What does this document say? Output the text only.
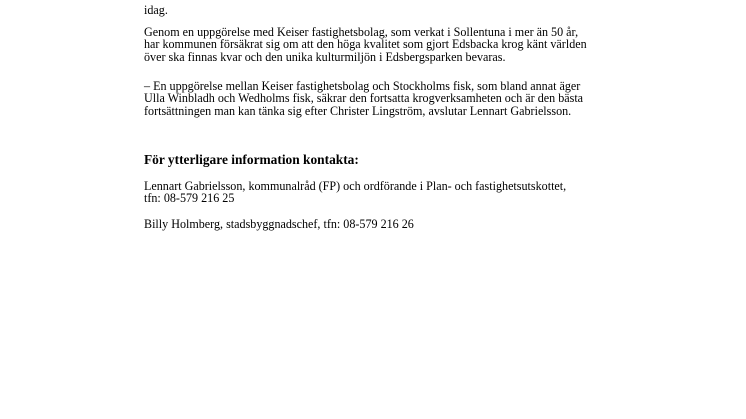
idag.

Genom en uppgörelse med Keiser fastighetsbolag, som verkat i Sollentuna i mer än 50 år,
har kommunen försäkrat sig om att den höga kvalitet som gjort Edsbacka krog känt världen
över ska finnas kvar och den unika kulturmiljön i Edsbergsparken bevaras.

– En uppgörelse mellan Keiser fastighetsbolag och Stockholms fisk, som bland annat äger
Ulla Winbladh och Wedholms fisk, säkrar den fortsatta krogverksamheten och är den bästa
fortsättningen man kan tänka sig efter Christer Lingström, avslutar Lennart Gabrielsson.

För ytterligare information kontakta:

Lennart Gabrielsson, kommunalråd (FP) och ordförande i Plan- och fastighetsutskottet,
tfn: 08-579 216 25

Billy Holmberg, stadsbyggnadschef, tfn: 08-579 216 26
